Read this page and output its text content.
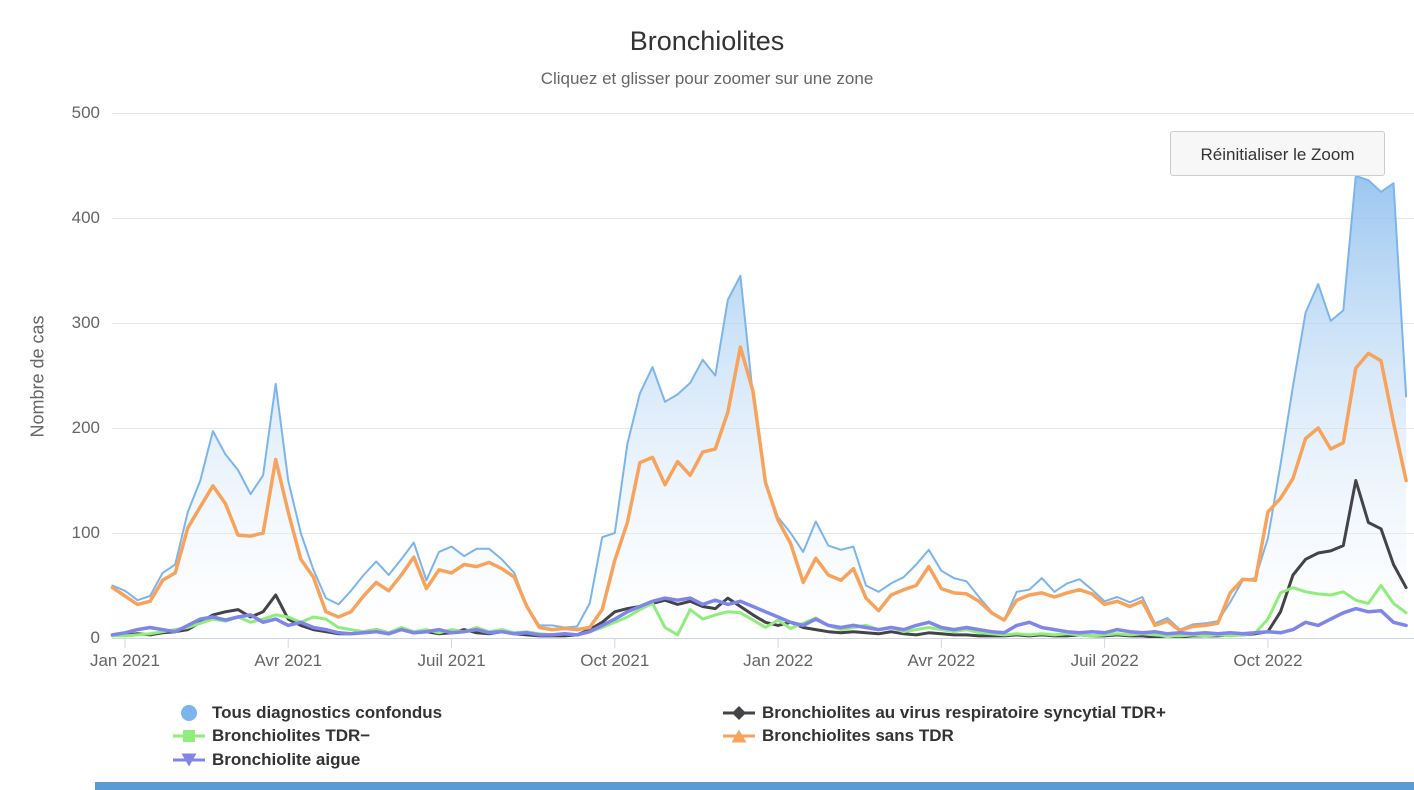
Bronchiolites
Cliquez et glisser pour zoomer sur une zone
Nombre de cas
0
100
200
300
400
500
Jan 2021	Avr 2021	Juil 2021	Oct 2021	Jan 2022	Avr 2022	Juil 2022	Oct 2022
Réinitialiser le Zoom
Tous diagnostics confondus
Bronchiolites TDR−
Bronchiolite aigue
Bronchiolites au virus respiratoire syncytial TDR+
Bronchiolites sans TDR
